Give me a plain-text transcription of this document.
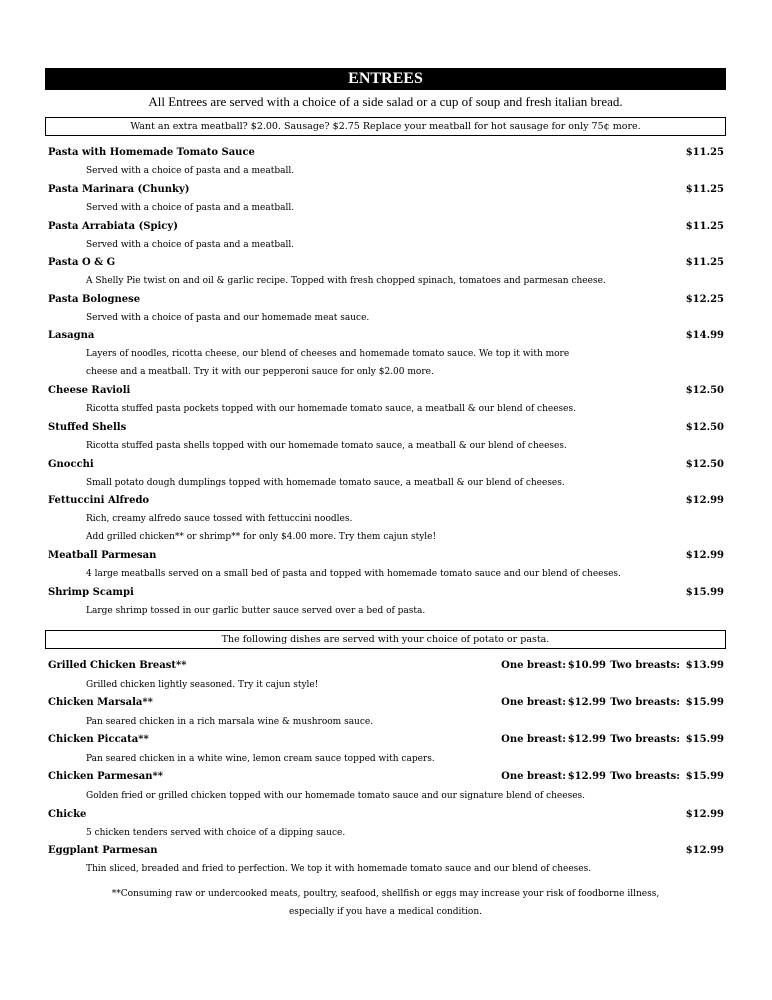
ENTREES
All Entrees are served with a choice of a side salad or a cup of soup and fresh italian bread.
Want an extra meatball? $2.00. Sausage? $2.75 Replace your meatball for hot sausage for only 75¢ more.
Pasta with Homemade Tomato Sauce	$11.25
Served with a choice of pasta and a meatball.
Pasta Marinara (Chunky)	$11.25
Served with a choice of pasta and a meatball.
Pasta Arrabiata (Spicy)	$11.25
Served with a choice of pasta and a meatball.
Pasta O & G	$11.25
A Shelly Pie twist on and oil & garlic recipe. Topped with fresh chopped spinach, tomatoes and parmesan cheese.
Pasta Bolognese	$12.25
Served with a choice of pasta and our homemade meat sauce.
Lasagna	$14.99
Layers of noodles, ricotta cheese, our blend of cheeses and homemade tomato sauce. We top it with more
cheese and a meatball. Try it with our pepperoni sauce for only $2.00 more.
Cheese Ravioli	$12.50
Ricotta stuffed pasta pockets topped with our homemade tomato sauce, a meatball & our blend of cheeses.
Stuffed Shells	$12.50
Ricotta stuffed pasta shells topped with our homemade tomato sauce, a meatball & our blend of cheeses.
Gnocchi	$12.50
Small potato dough dumplings topped with homemade tomato sauce, a meatball & our blend of cheeses.
Fettuccini Alfredo	$12.99
Rich, creamy alfredo sauce tossed with fettuccini noodles.
Add grilled chicken** or shrimp** for only $4.00 more. Try them cajun style!
Meatball Parmesan	$12.99
4 large meatballs served on a small bed of pasta and topped with homemade tomato sauce and our blend of cheeses.
Shrimp Scampi	$15.99
Large shrimp tossed in our garlic butter sauce served over a bed of pasta.
The following dishes are served with your choice of potato or pasta.
Grilled Chicken Breast**	One breast: $10.99 Two breasts: $13.99
Grilled chicken lightly seasoned. Try it cajun style!
Chicken Marsala**	One breast: $12.99 Two breasts: $15.99
Pan seared chicken in a rich marsala wine & mushroom sauce.
Chicken Piccata**	One breast: $12.99 Two breasts: $15.99
Pan seared chicken in a white wine, lemon cream sauce topped with capers.
Chicken Parmesan**	One breast: $12.99 Two breasts: $15.99
Golden fried or grilled chicken topped with our homemade tomato sauce and our signature blend of cheeses.
Chicke	$12.99
5 chicken tenders served with choice of a dipping sauce.
Eggplant Parmesan	$12.99
Thin sliced, breaded and fried to perfection. We top it with homemade tomato sauce and our blend of cheeses.
**Consuming raw or undercooked meats, poultry, seafood, shellfish or eggs may increase your risk of foodborne illness,
especially if you have a medical condition.
